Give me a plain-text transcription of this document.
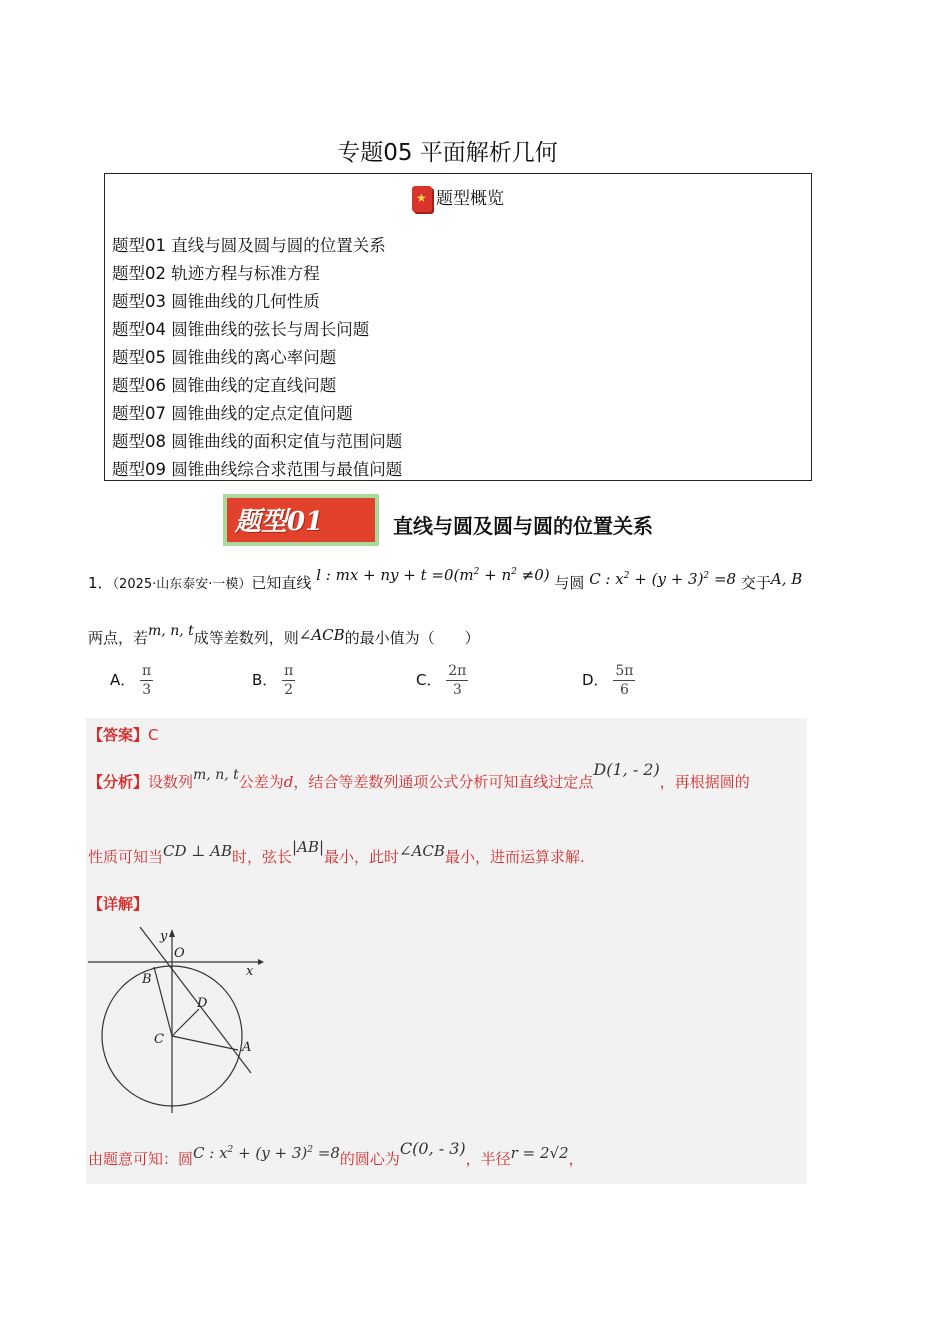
专题05 平面解析几何
★题型概览
题型01 直线与圆及圆与圆的位置关系
题型02 轨迹方程与标准方程
题型03 圆锥曲线的几何性质
题型04 圆锥曲线的弦长与周长问题
题型05 圆锥曲线的离心率问题
题型06 圆锥曲线的定直线问题
题型07 圆锥曲线的定点定值问题
题型08 圆锥曲线的面积定值与范围问题
题型09 圆锥曲线综合求范围与最值问题
题型01	直线与圆及圆与圆的位置关系
1．（2025·山东泰安·一模）已知直线 l : mx + ny + $t =0(m^2 + n^2 \ne 0)$ 与圆 C : $x^2 + (y + 3)^2 =8$ 交于A, B
两点，若m, n, t成等差数列，则∠ACB的最小值为（　　）
A． $\frac{\pi}{3}$	B． $\frac{\pi}{2}$	C． $\frac{2\pi}{3}$	D． $\frac{5\pi}{6}$
【答案】C
【分析】设数列m, n, t公差为d，结合等差数列通项公式分析可知直线过定点D(1, - 2)，再根据圆的
性质可知当CD ⊥ AB时，弦长|AB|最小，此时∠ACB最小，进而运算求解.
【详解】
y
x
O
B
D
C
A
由题意可知：圆C : $x^2 + (y + 3)^2 =8$的圆心为C(0, - 3)，半径r = 2√2，
